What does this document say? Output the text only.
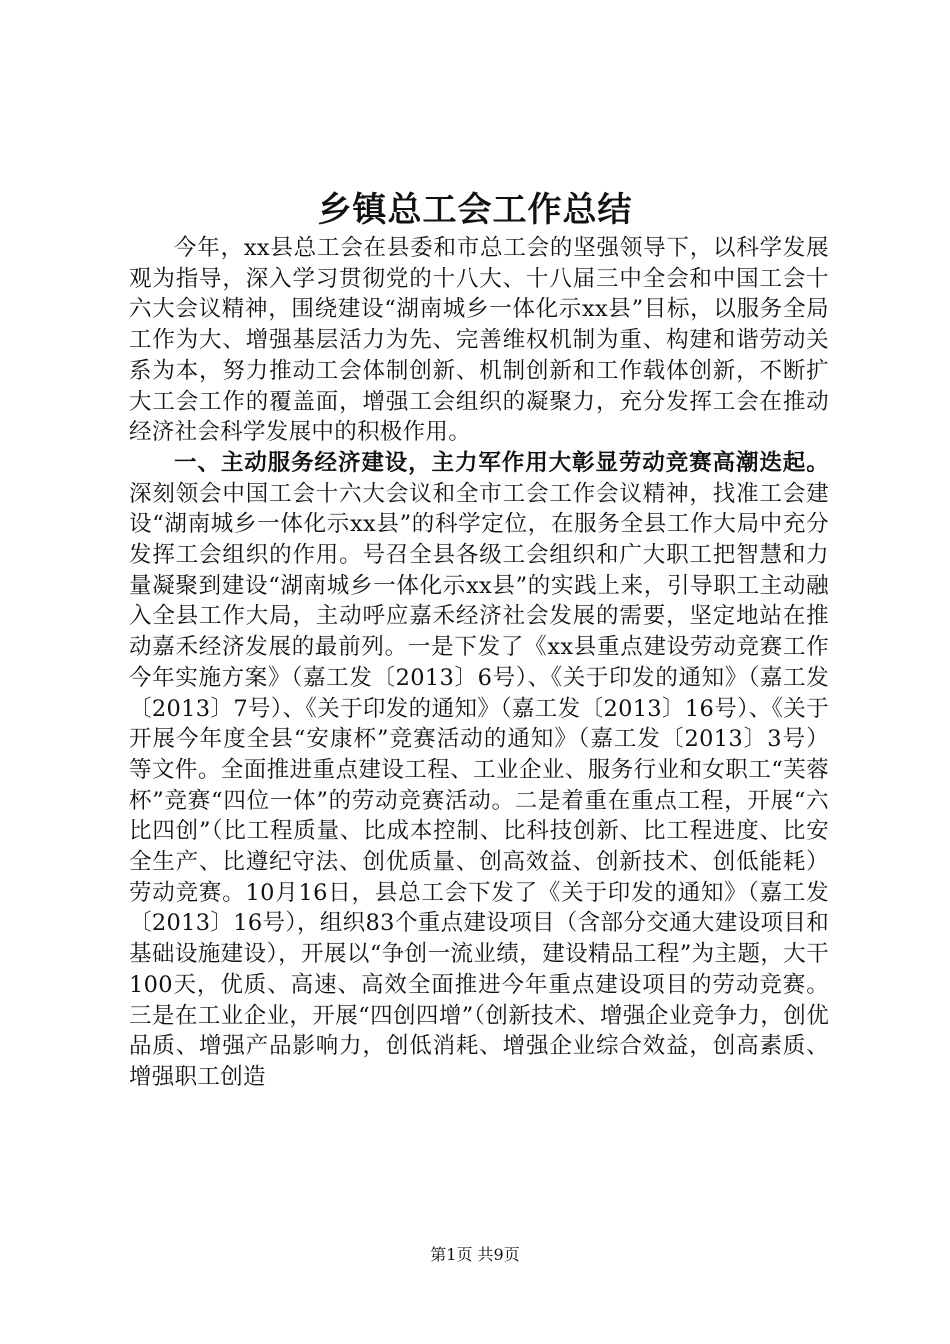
乡镇总工会工作总结

今年，xx县总工会在县委和市总工会的坚强领导下，以科学发展观为指导，深入学习贯彻党的十八大、十八届三中全会和中国工会十六大会议精神，围绕建设“湖南城乡一体化示xx县”目标，以服务全局工作为大、增强基层活力为先、完善维权机制为重、构建和谐劳动关系为本，努力推动工会体制创新、机制创新和工作载体创新，不断扩大工会工作的覆盖面，增强工会组织的凝聚力，充分发挥工会在推动经济社会科学发展中的积极作用。

一、主动服务经济建设，主力军作用大彰显劳动竞赛高潮迭起。深刻领会中国工会十六大会议和全市工会工作会议精神，找准工会建设“湖南城乡一体化示xx县”的科学定位，在服务全县工作大局中充分发挥工会组织的作用。号召全县各级工会组织和广大职工把智慧和力量凝聚到建设“湖南城乡一体化示xx县”的实践上来，引导职工主动融入全县工作大局，主动呼应嘉禾经济社会发展的需要，坚定地站在推动嘉禾经济发展的最前列。一是下发了《xx县重点建设劳动竞赛工作今年实施方案》（嘉工发〔2013〕6号）、《关于印发的通知》（嘉工发〔2013〕7号）、《关于印发的通知》（嘉工发〔2013〕16号）、《关于开展今年度全县“安康杯”竞赛活动的通知》（嘉工发〔2013〕3号）等文件。全面推进重点建设工程、工业企业、服务行业和女职工“芙蓉杯”竞赛“四位一体”的劳动竞赛活动。二是着重在重点工程，开展“六比四创”（比工程质量、比成本控制、比科技创新、比工程进度、比安全生产、比遵纪守法、创优质量、创高效益、创新技术、创低能耗）劳动竞赛。10月16日，县总工会下发了《关于印发的通知》（嘉工发〔2013〕16号），组织83个重点建设项目（含部分交通大建设项目和基础设施建设），开展以“争创一流业绩，建设精品工程”为主题，大干100天，优质、高速、高效全面推进今年重点建设项目的劳动竞赛。三是在工业企业，开展“四创四增”（创新技术、增强企业竞争力，创优品质、增强产品影响力，创低消耗、增强企业综合效益，创高素质、增强职工创造

第1页 共9页
